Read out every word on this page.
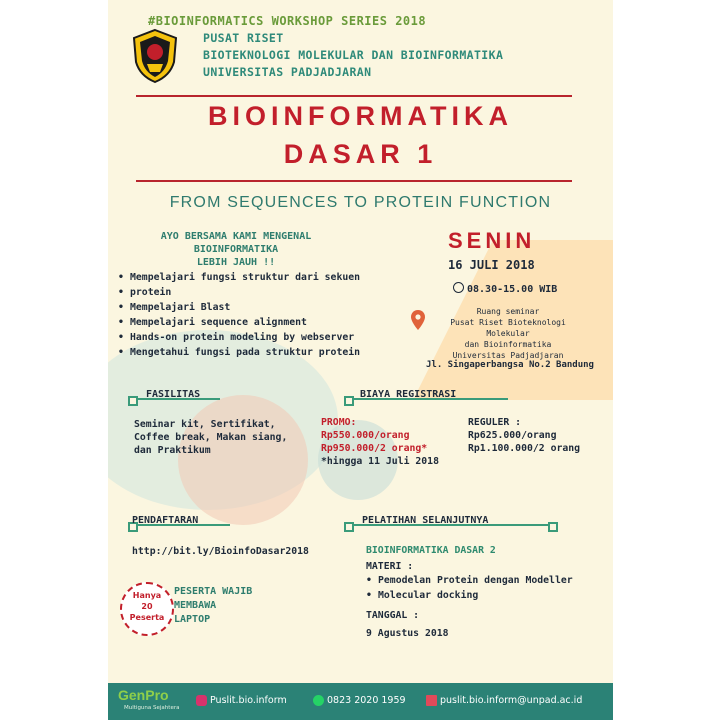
#BIOINFORMATICS WORKSHOP SERIES 2018
PUSAT RISET
BIOTEKNOLOGI MOLEKULAR DAN BIOINFORMATIKA
UNIVERSITAS PADJADJARAN
BIOINFORMATIKA
DASAR 1
FROM SEQUENCES TO PROTEIN FUNCTION
AYO BERSAMA KAMI MENGENAL
BIOINFORMATIKA
LEBIH JAUH !!
• Mempelajari fungsi struktur dari sekuen
• protein
• Mempelajari Blast
• Mempelajari sequence alignment
• Hands-on protein modeling by webserver
• Mengetahui fungsi pada struktur protein
SENIN
16 JULI 2018
08.30-15.00 WIB
Ruang seminar
Pusat Riset Bioteknologi Molekular
dan Bioinformatika
Universitas Padjadjaran
Jl. Singaperbangsa No.2 Bandung
FASILITAS
Seminar kit, Sertifikat,
Coffee break, Makan siang,
dan Praktikum
BIAYA REGISTRASI
PROMO:
Rp550.000/orang
Rp950.000/2 orang*
*hingga 11 Juli 2018
REGULER :
Rp625.000/orang
Rp1.100.000/2 orang
PENDAFTARAN
http://bit.ly/BioinfoDasar2018
Hanya
20
Peserta
PESERTA WAJIB
MEMBAWA
LAPTOP
PELATIHAN SELANJUTNYA
BIOINFORMATIKA DASAR 2
MATERI :
• Pemodelan Protein dengan Modeller
• Molecular docking
TANGGAL :
9 Agustus 2018
GenPro
Multiguna Sejahtera
Puslit.bio.inform	0823 2020 1959	puslit.bio.inform@unpad.ac.id
